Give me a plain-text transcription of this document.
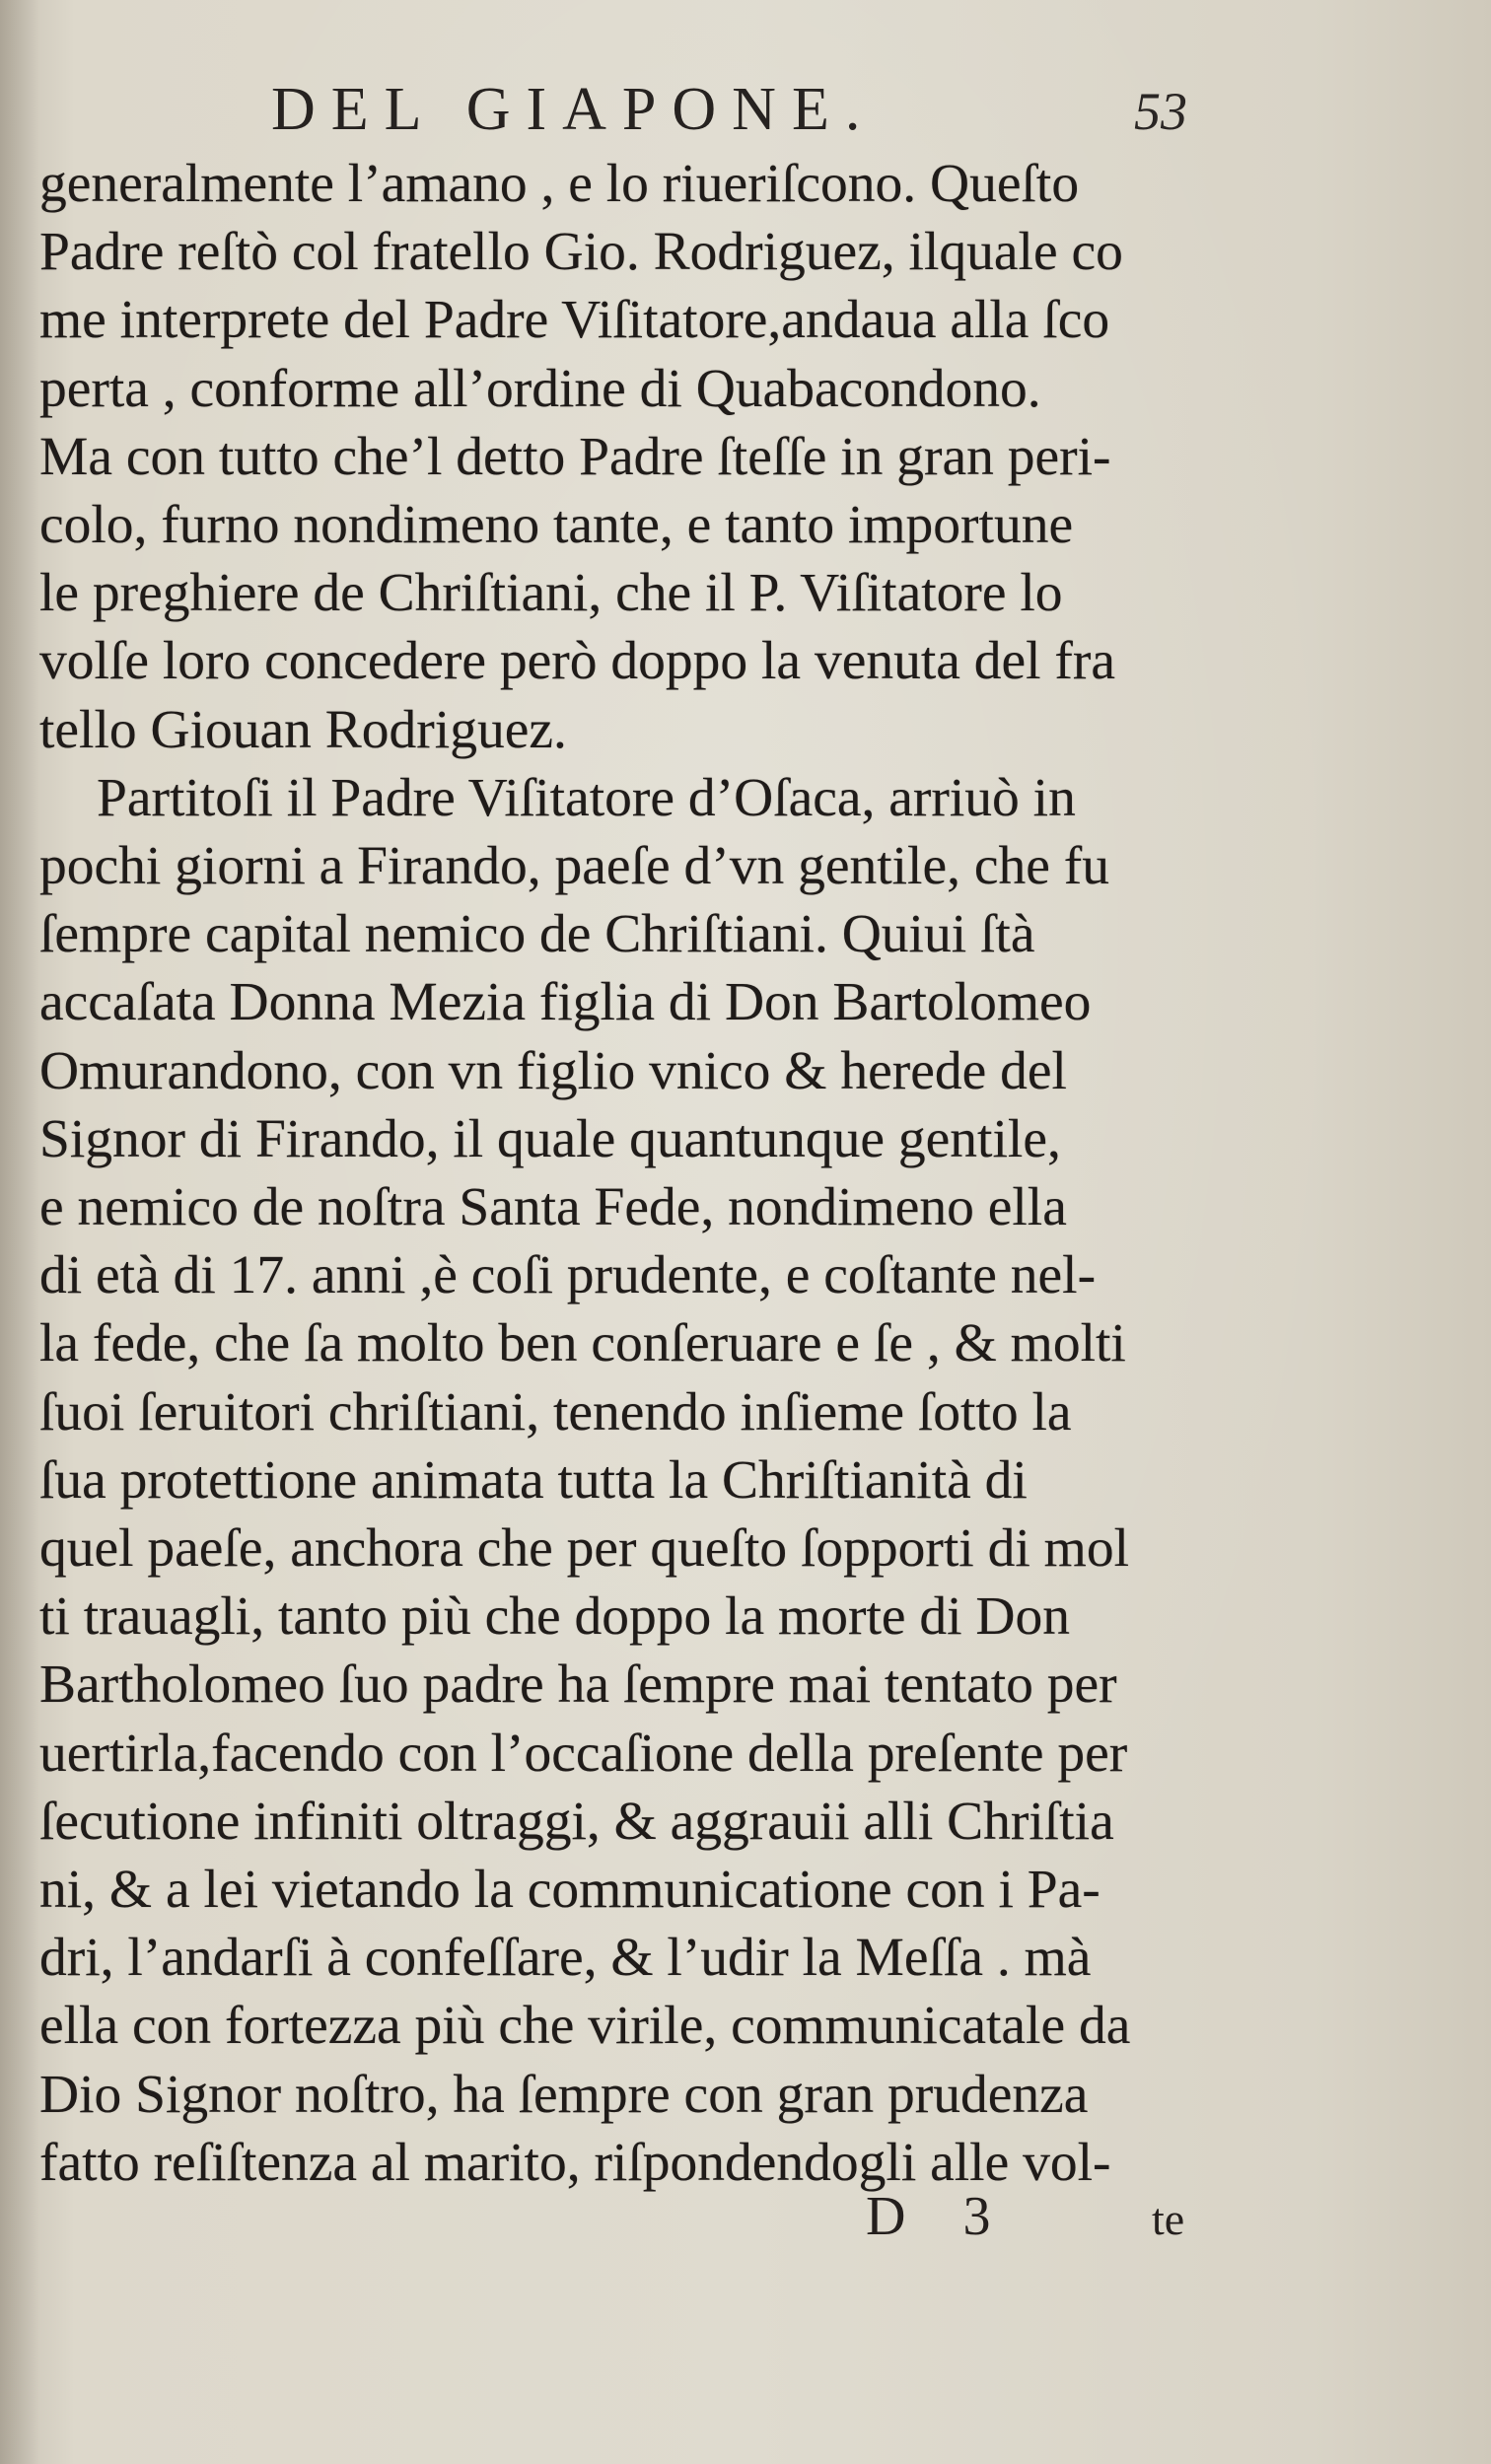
DEL GIAPONE.	53
generalmente l’amano , e lo riueriſcono. Queſto
Padre reſtò col fratello Gio. Rodriguez, ilquale co
me interprete del Padre Viſitatore,andaua alla ſco
perta , conforme all’ordine di Quabacondono.
Ma con tutto che’l detto Padre ſteſſe in gran peri-
colo, furno nondimeno tante, e tanto importune
le preghiere de Chriſtiani, che il P. Viſitatore lo
volſe loro concedere però doppo la venuta del fra
tello Giouan Rodriguez.
Partitoſi il Padre Viſitatore d’Oſaca, arriuò in
pochi giorni a Firando, paeſe d’vn gentile, che fu
ſempre capital nemico de Chriſtiani. Quiui ſtà
accaſata Donna Mezia figlia di Don Bartolomeo
Omurandono, con vn figlio vnico & herede del
Signor di Firando, il quale quantunque gentile,
e nemico de noſtra Santa Fede, nondimeno ella
di età di 17. anni ,è coſi prudente, e coſtante nel-
la fede, che ſa molto ben conſeruare e ſe , & molti
ſuoi ſeruitori chriſtiani, tenendo inſieme ſotto la
ſua protettione animata tutta la Chriſtianità di
quel paeſe, anchora che per queſto ſopporti di mol
ti trauagli, tanto più che doppo la morte di Don
Bartholomeo ſuo padre ha ſempre mai tentato per
uertirla,facendo con l’occaſione della preſente per
ſecutione infiniti oltraggi, & aggrauii alli Chriſtia
ni, & a lei vietando la communicatione con i Pa-
dri, l’andarſi à confeſſare, & l’udir la Meſſa . mà
ella con fortezza più che virile, communicatale da
Dio Signor noſtro, ha ſempre con gran prudenza
fatto reſiſtenza al marito, riſpondendogli alle vol-
D 3	te
